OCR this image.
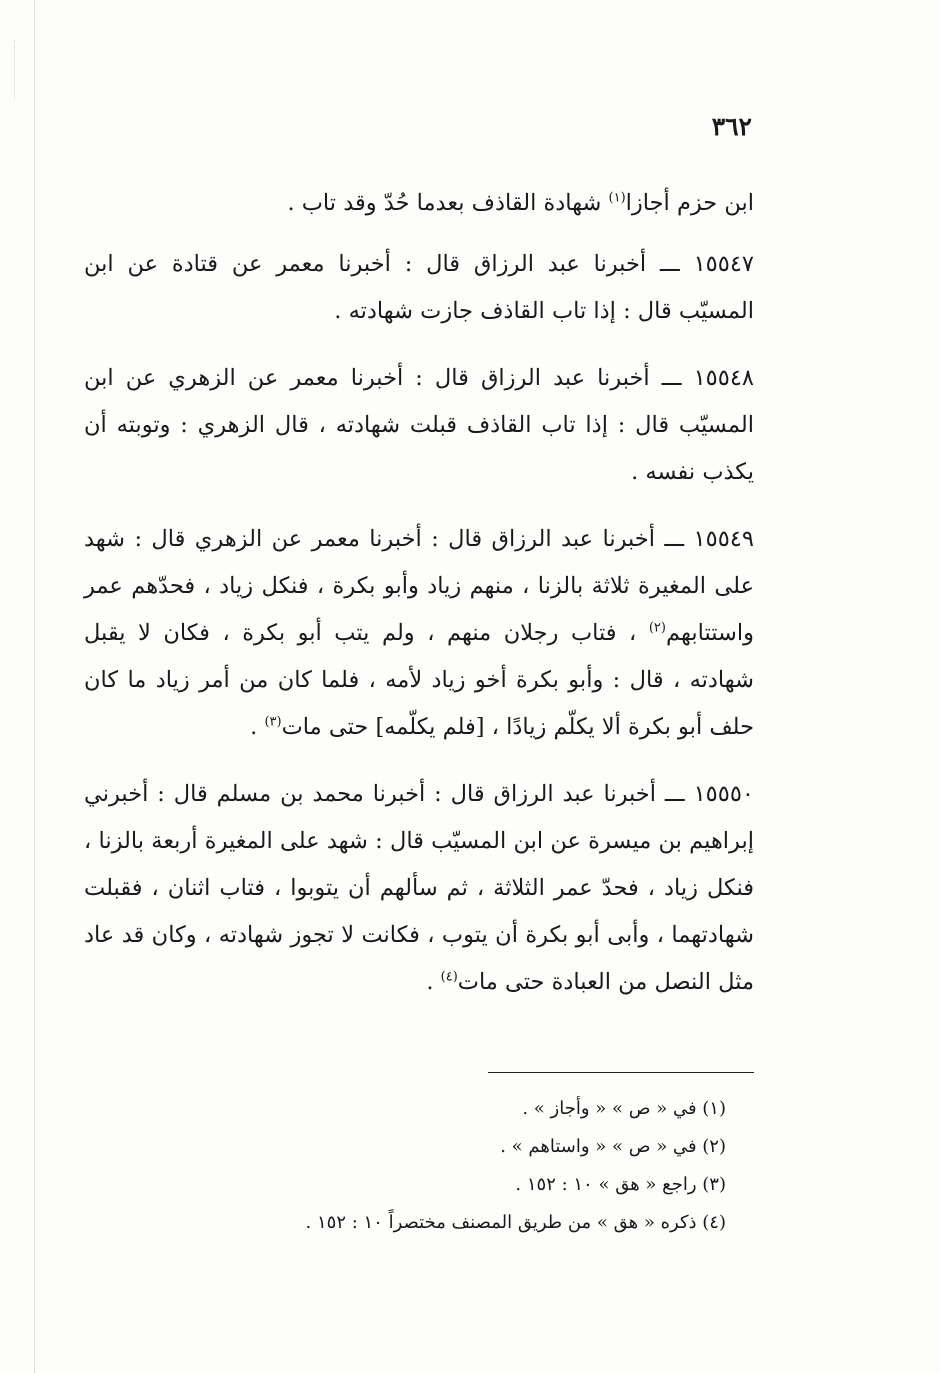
٣٦٢

ابن حزم أجازا$^{(١)}$ شهادة القاذف بعدما حُدّ وقد تاب .

١٥٥٤٧ ـــ أخبرنا عبد الرزاق قال : أخبرنا معمر عن قتادة عن ابن المسيّب قال : إذا تاب القاذف جازت شهادته .

١٥٥٤٨ ـــ أخبرنا عبد الرزاق قال : أخبرنا معمر عن الزهري عن ابن المسيّب قال : إذا تاب القاذف قبلت شهادته ، قال الزهري : وتوبته أن يكذب نفسه .

١٥٥٤٩ ـــ أخبرنا عبد الرزاق قال : أخبرنا معمر عن الزهري قال : شهد على المغيرة ثلاثة بالزنا ، منهم زياد وأبو بكرة ، فنكل زياد ، فحدّهم عمر واستتابهم$^{(٢)}$ ، فتاب رجلان منهم ، ولم يتب أبو بكرة ، فكان لا يقبل شهادته ، قال : وأبو بكرة أخو زياد لأمه ، فلما كان من أمر زياد ما كان حلف أبو بكرة ألا يكلّم زيادًا ، [فلم يكلّمه] حتى مات$^{(٣)}$ .

١٥٥٥٠ ـــ أخبرنا عبد الرزاق قال : أخبرنا محمد بن مسلم قال : أخبرني إبراهيم بن ميسرة عن ابن المسيّب قال : شهد على المغيرة أربعة بالزنا ، فنكل زياد ، فحدّ عمر الثلاثة ، ثم سألهم أن يتوبوا ، فتاب اثنان ، فقبلت شهادتهما ، وأبى أبو بكرة أن يتوب ، فكانت لا تجوز شهادته ، وكان قد عاد مثل النصل من العبادة حتى مات$^{(٤)}$ .

(١) في « ص » « وأجاز » .
(٢) في « ص » « واستاهم » .
(٣) راجع « هق » ١٠ : ١٥٢ .
(٤) ذكره « هق » من طريق المصنف مختصراً ١٠ : ١٥٢ .
